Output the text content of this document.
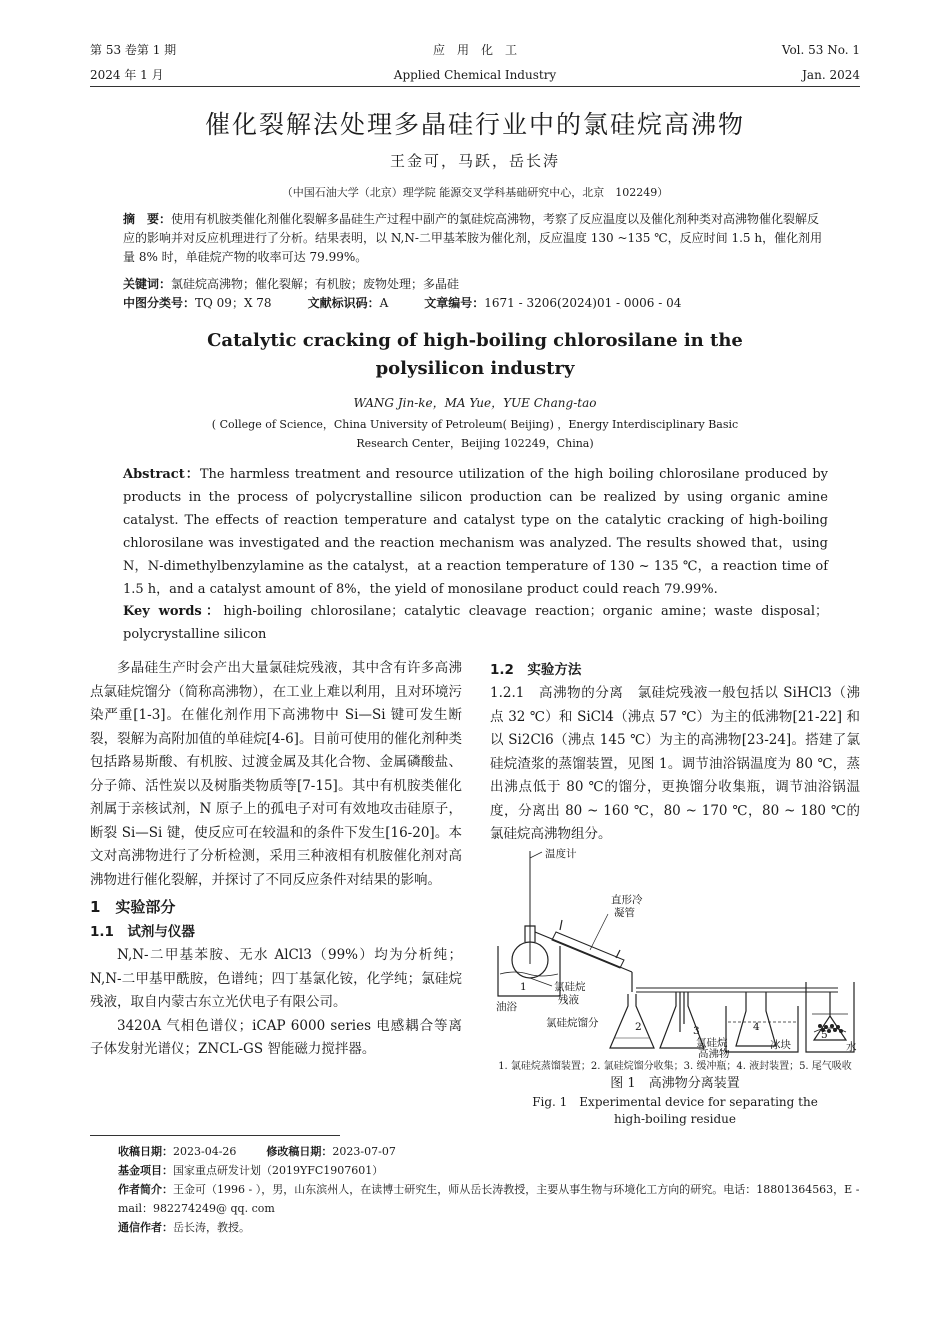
第 53 卷第 1 期
2024 年 1 月
应　用　化　工
Applied Chemical Industry
Vol. 53 No. 1
Jan. 2024
催化裂解法处理多晶硅行业中的氯硅烷高沸物
王金可，马跃，岳长涛
（中国石油大学（北京）理学院 能源交叉学科基础研究中心，北京　102249）
摘　要：使用有机胺类催化剂催化裂解多晶硅生产过程中副产的氯硅烷高沸物，考察了反应温度以及催化剂种类对高沸物催化裂解反应的影响并对反应机理进行了分析。结果表明，以 N,N-二甲基苯胺为催化剂，反应温度 130 ~135 ℃，反应时间 1.5 h，催化剂用量 8% 时，单硅烷产物的收率可达 79.99%。
关键词：氯硅烷高沸物；催化裂解；有机胺；废物处理；多晶硅
中图分类号：TQ 09；X 78	文献标识码：A	文章编号：1671 - 3206(2024)01 - 0006 - 04
Catalytic cracking of high-boiling chlorosilane in the
polysilicon industry
WANG Jin-ke，MA Yue，YUE Chang-tao
( College of Science，China University of Petroleum( Beijing) ，Energy Interdisciplinary Basic
Research Center，Beijing 102249，China)
Abstract：The harmless treatment and resource utilization of the high boiling chlorosilane produced by products in the process of polycrystalline silicon production can be realized by using organic amine catalyst. The effects of reaction temperature and catalyst type on the catalytic cracking of high-boiling chlorosilane was investigated and the reaction mechanism was analyzed. The results showed that，using N，N-dimethylbenzylamine as the catalyst，at a reaction temperature of 130 ~ 135 ℃，a reaction time of 1.5 h，and a catalyst amount of 8%，the yield of monosilane product could reach 79.99%.
Key words：high-boiling chlorosilane；catalytic cleavage reaction；organic amine；waste disposal；polycrystalline silicon

多晶硅生产时会产出大量氯硅烷残液，其中含有许多高沸点氯硅烷馏分（简称高沸物），在工业上难以利用，且对环境污染严重[1-3]。在催化剂作用下高沸物中 Si—Si 键可发生断裂，裂解为高附加值的单硅烷[4-6]。目前可使用的催化剂种类包括路易斯酸、有机胺、过渡金属及其化合物、金属磷酸盐、分子筛、活性炭以及树脂类物质等[7-15]。其中有机胺类催化剂属于亲核试剂，N 原子上的孤电子对可有效地攻击硅原子，断裂 Si—Si 键，使反应可在较温和的条件下发生[16-20]。本文对高沸物进行了分析检测，采用三种液相有机胺催化剂对高沸物进行催化裂解，并探讨了不同反应条件对结果的影响。

1　实验部分
1.1　试剂与仪器

N,N-二甲基苯胺、无水 AlCl3（99%）均为分析纯；N,N-二甲基甲酰胺，色谱纯；四丁基氯化铵，化学纯；氯硅烷残液，取自内蒙古东立光伏电子有限公司。

3420A 气相色谱仪；iCAP 6000 series 电感耦合等离子体发射光谱仪；ZNCL-GS 智能磁力搅拌器。

1.2　实验方法

1.2.1　高沸物的分离　 氯硅烷残液一般包括以 SiHCl3（沸点 32 ℃）和 SiCl4（沸点 57 ℃）为主的低沸物[21-22] 和以 Si2Cl6（沸点 145 ℃）为主的高沸物[23-24]。搭建了氯硅烷渣浆的蒸馏装置，见图 1。调节油浴锅温度为 80 ℃，蒸出沸点低于 80 ℃的馏分，更换馏分收集瓶，调节油浴锅温度，分离出 80 ~ 160 ℃，80 ~ 170 ℃，80 ~ 180 ℃的氯硅烷高沸物组分。

温度计
直形冷
凝管
油浴
1	氯硅烷
残液
氯硅烷馏分	2	3
氯硅烷
高沸物
4
冰块
5
水
1. 氯硅烷蒸馏装置；2. 氯硅烷馏分收集；3. 缓冲瓶；4. 液封装置；5. 尾气吸收
图 1　高沸物分离装置
Fig. 1　Experimental device for separating the
high-boiling residue
收稿日期：2023-04-26	修改稿日期：2023-07-07
基金项目：国家重点研发计划（2019YFC1907601）
作者简介：王金可（1996 - ），男，山东滨州人，在读博士研究生，师从岳长涛教授，主要从事生物与环境化工方向的研究。电话：18801364563，E - mail：982274249@ qq. com
通信作者：岳长涛，教授。
